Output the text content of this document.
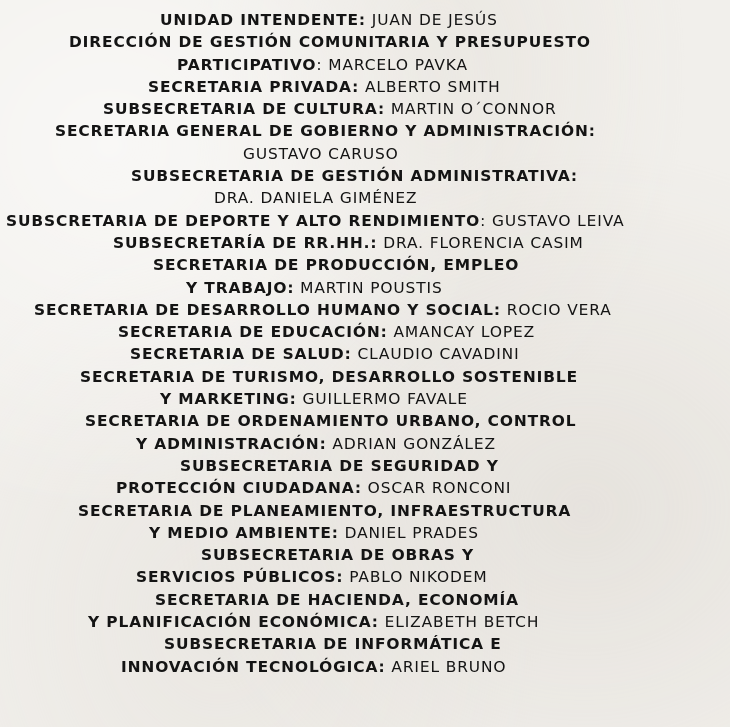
UNIDAD INTENDENTE: JUAN DE JESÚS
DIRECCIÓN DE GESTIÓN COMUNITARIA Y PRESUPUESTO
PARTICIPATIVO: MARCELO PAVKA
SECRETARIA PRIVADA: ALBERTO SMITH
SUBSECRETARIA DE CULTURA: MARTIN O´CONNOR
SECRETARIA GENERAL DE GOBIERNO Y ADMINISTRACIÓN:
GUSTAVO CARUSO
SUBSECRETARIA DE GESTIÓN ADMINISTRATIVA:
DRA. DANIELA GIMÉNEZ
SUBSCRETARIA DE DEPORTE Y ALTO RENDIMIENTO: GUSTAVO LEIVA
SUBSECRETARÍA DE RR.HH.: DRA. FLORENCIA CASIM
SECRETARIA DE PRODUCCIÓN, EMPLEO
Y TRABAJO: MARTIN POUSTIS
SECRETARIA DE DESARROLLO HUMANO Y SOCIAL: ROCIO VERA
SECRETARIA DE EDUCACIÓN: AMANCAY LOPEZ
SECRETARIA DE SALUD: CLAUDIO CAVADINI
SECRETARIA DE TURISMO, DESARROLLO SOSTENIBLE
Y MARKETING: GUILLERMO FAVALE
SECRETARIA DE ORDENAMIENTO URBANO, CONTROL
Y ADMINISTRACIÓN: ADRIAN GONZÁLEZ
SUBSECRETARIA DE SEGURIDAD Y
PROTECCIÓN CIUDADANA: OSCAR RONCONI
SECRETARIA DE PLANEAMIENTO, INFRAESTRUCTURA
Y MEDIO AMBIENTE: DANIEL PRADES
SUBSECRETARIA DE OBRAS Y
SERVICIOS PÚBLICOS: PABLO NIKODEM
SECRETARIA DE HACIENDA, ECONOMÍA
Y PLANIFICACIÓN ECONÓMICA: ELIZABETH BETCH
SUBSECRETARIA DE INFORMÁTICA E
INNOVACIÓN TECNOLÓGICA: ARIEL BRUNO
